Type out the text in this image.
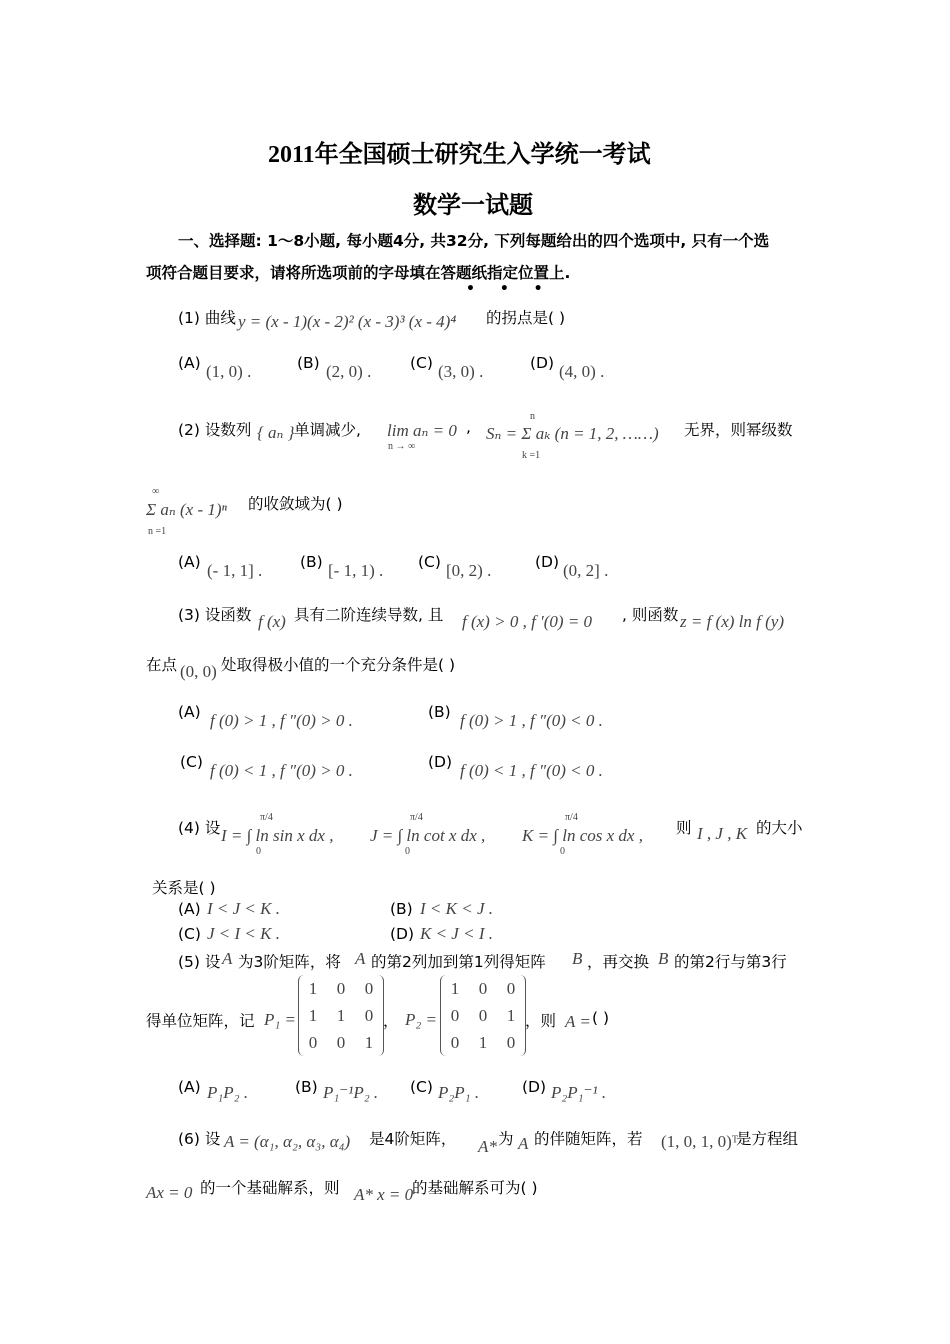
2011年全国硕士研究生入学统一考试
数学一试题
一、选择题: 1～8小题, 每小题4分, 共32分, 下列每题给出的四个选项中, 只有一个选
项符合题目要求，请将所选项前的字母填在答题纸指定位置上.
• • •
(1) 曲线 y = (x - 1)(x - 2)² (x - 3)³ (x - 4)⁴ 的拐点是( )
(A) (1, 0) .	(B) (2, 0) . (C) (3, 0) .	(D) (4, 0) .
(2) 设数列 { aₙ } 单调减少, lim aₙ = 0
n → ∞
, Sₙ = Σ aₖ (n = 1, 2, ……)
n
k =1
无界，则幂级数
Σ aₙ (x - 1)ⁿ
∞
n =1
的收敛域为( )
(A) (- 1, 1] . (B) [- 1, 1) . (C) [0, 2) .	(D) (0, 2] .
(3) 设函数 f (x) 具有二阶连续导数, 且 f (x) > 0 , f ′(0) = 0 , 则函数 z = f (x) ln f (y)
在点 (0, 0) 处取得极小值的一个充分条件是( )
(A) f (0) > 1 , f ″(0) > 0 .	(B) f (0) > 1 , f ″(0) < 0 .
(C) f (0) < 1 , f ″(0) > 0 .	(D) f (0) < 1 , f ″(0) < 0 .
(4) 设 I = ∫ ln sin x dx ,
π/4
0
J = ∫ ln cot x dx ,
π/4
0
K = ∫ ln cos x dx ,
π/4
0
则 I , J , K 的大小
关系是( )
(A) I < J < K .	(B) I < K < J .
(C) J < I < K .	(D) K < J < I .
(5) 设 A 为3阶矩阵，将 A 的第2列加到第1列得矩阵 B ，再交换 B 的第2行与第3行
得单位矩阵，记 P₁ =
1	0	0
1	1	0
0	0	1
， P₂ =
1	0	0
0	0	1
0	1	0
，则 A = ( )
(A) P₁P₂ .	(B) P₁⁻¹P₂ . (C) P₂P₁ .	(D) P₂P₁⁻¹ .
(6) 设 A = (α₁, α₂, α₃, α₄) 是4阶矩阵， A* 为 A 的伴随矩阵，若 (1, 0, 1, 0)ᵀ
是方程组
Ax = 0 的一个基础解系，则 A* x = 0
的基础解系可为( )
